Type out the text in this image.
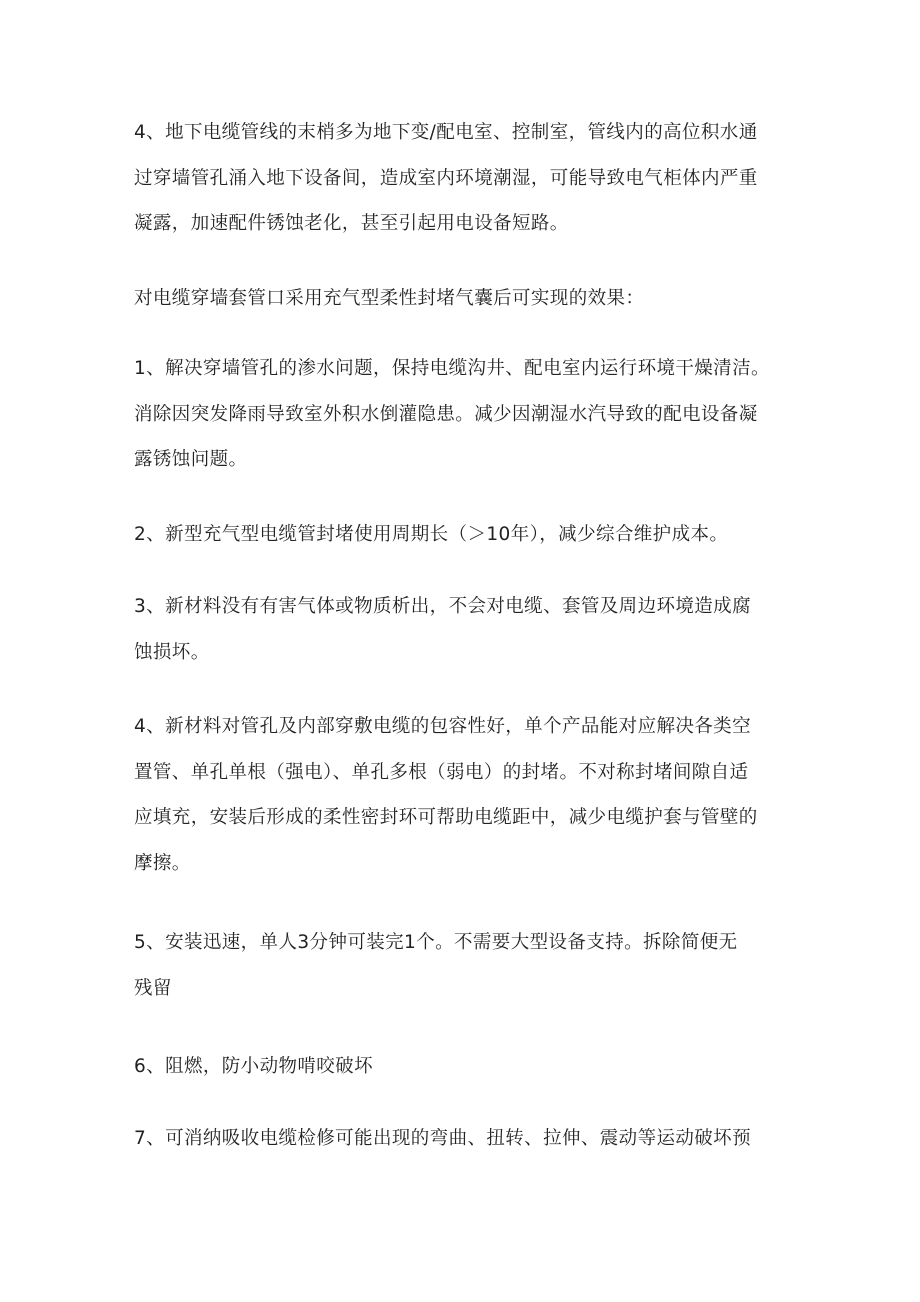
4、地下电缆管线的末梢多为地下变/配电室、控制室，管线内的高位积水通
过穿墙管孔涌入地下设备间，造成室内环境潮湿，可能导致电气柜体内严重
凝露，加速配件锈蚀老化，甚至引起用电设备短路。

对电缆穿墙套管口采用充气型柔性封堵气囊后可实现的效果：

1、解决穿墙管孔的渗水问题，保持电缆沟井、配电室内运行环境干燥清洁。
消除因突发降雨导致室外积水倒灌隐患。减少因潮湿水汽导致的配电设备凝
露锈蚀问题。

2、新型充气型电缆管封堵使用周期长（＞10年），减少综合维护成本。

3、新材料没有有害气体或物质析出，不会对电缆、套管及周边环境造成腐
蚀损坏。

4、新材料对管孔及内部穿敷电缆的包容性好，单个产品能对应解决各类空
置管、单孔单根（强电）、单孔多根（弱电）的封堵。不对称封堵间隙自适
应填充，安装后形成的柔性密封环可帮助电缆距中，减少电缆护套与管壁的
摩擦。

5、安装迅速，单人3分钟可装完1个。不需要大型设备支持。拆除简便无
残留

6、阻燃，防小动物啃咬破坏

7、可消纳吸收电缆检修可能出现的弯曲、扭转、拉伸、震动等运动破坏预
